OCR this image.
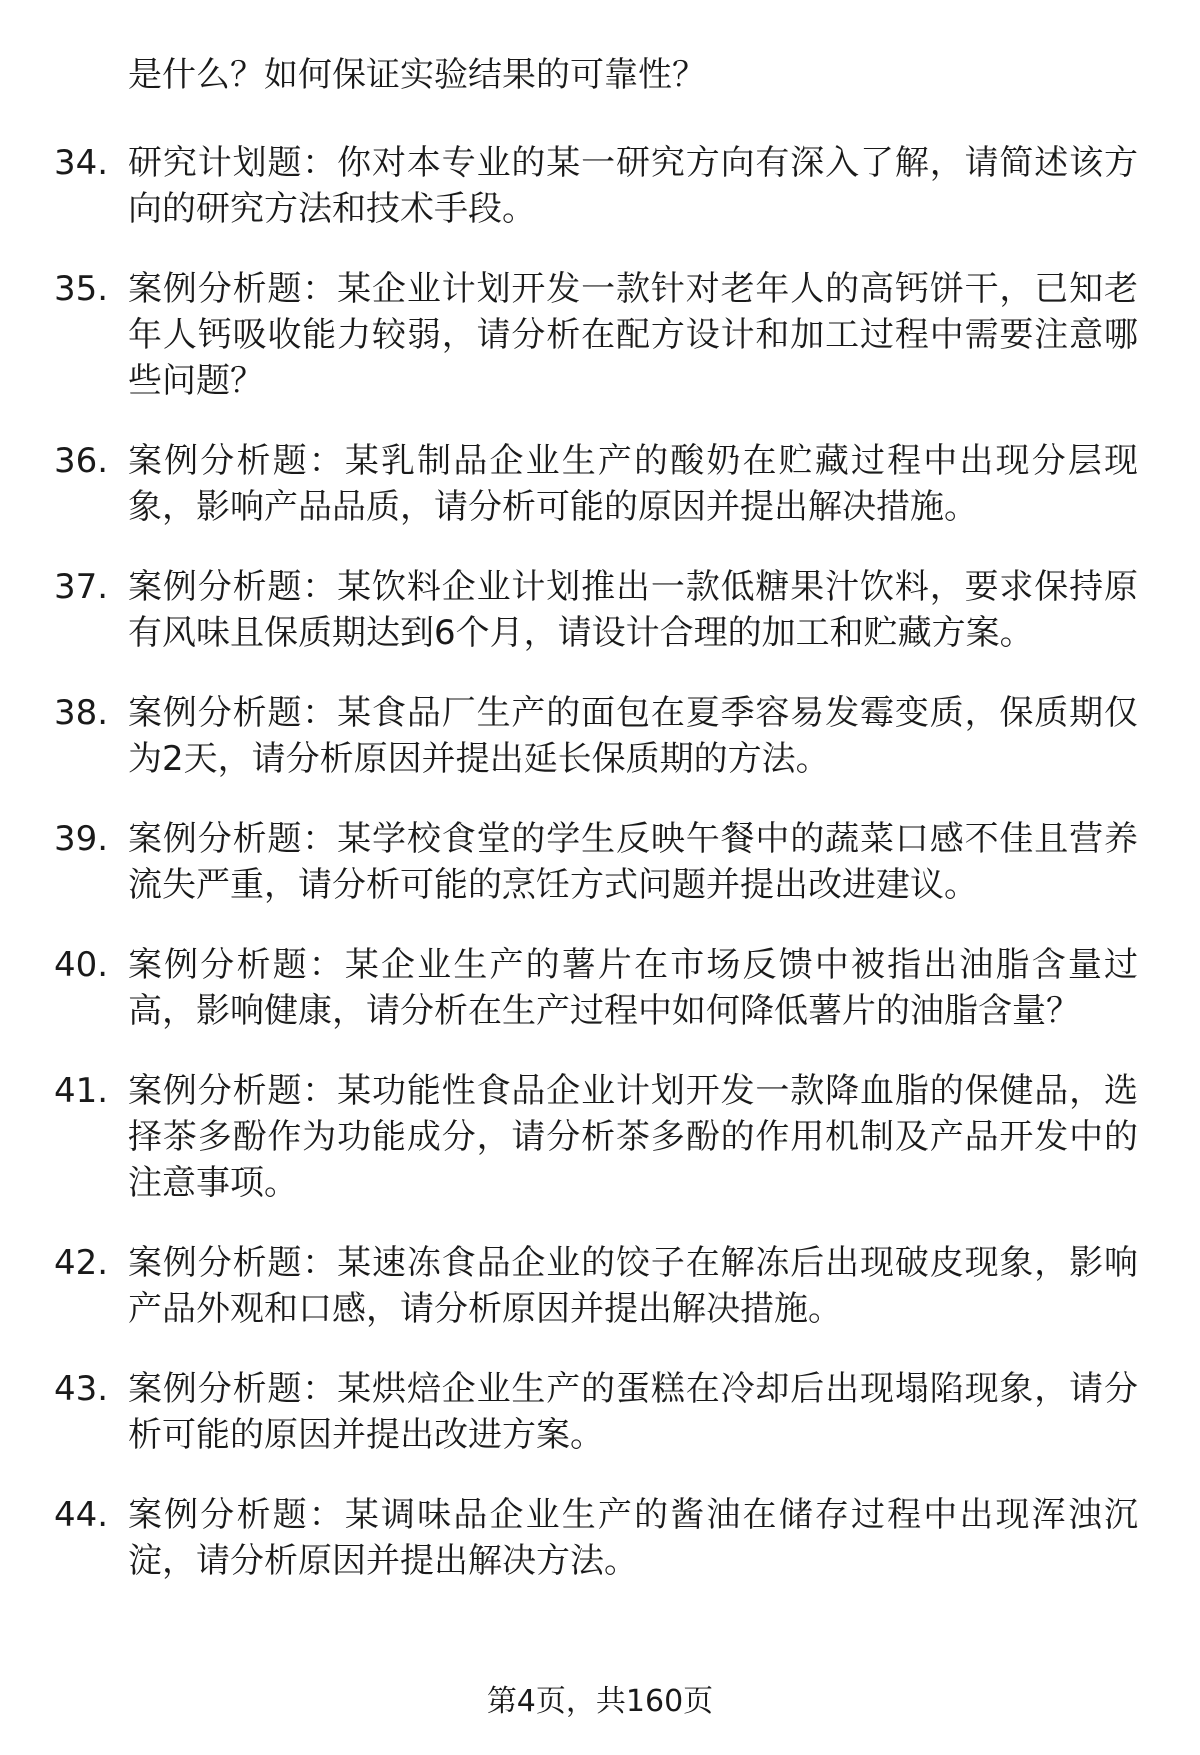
是什么？如何保证实验结果的可靠性？
34. 研究计划题：你对本专业的某一研究方向有深入了解，请简述该方向的研究方法和技术手段。
35. 案例分析题：某企业计划开发一款针对老年人的高钙饼干，已知老年人钙吸收能力较弱，请分析在配方设计和加工过程中需要注意哪些问题？
36. 案例分析题：某乳制品企业生产的酸奶在贮藏过程中出现分层现象，影响产品品质，请分析可能的原因并提出解决措施。
37. 案例分析题：某饮料企业计划推出一款低糖果汁饮料，要求保持原有风味且保质期达到6个月，请设计合理的加工和贮藏方案。
38. 案例分析题：某食品厂生产的面包在夏季容易发霉变质，保质期仅为2天，请分析原因并提出延长保质期的方法。
39. 案例分析题：某学校食堂的学生反映午餐中的蔬菜口感不佳且营养流失严重，请分析可能的烹饪方式问题并提出改进建议。
40. 案例分析题：某企业生产的薯片在市场反馈中被指出油脂含量过高，影响健康，请分析在生产过程中如何降低薯片的油脂含量？
41. 案例分析题：某功能性食品企业计划开发一款降血脂的保健品，选择茶多酚作为功能成分，请分析茶多酚的作用机制及产品开发中的注意事项。
42. 案例分析题：某速冻食品企业的饺子在解冻后出现破皮现象，影响产品外观和口感，请分析原因并提出解决措施。
43. 案例分析题：某烘焙企业生产的蛋糕在冷却后出现塌陷现象，请分析可能的原因并提出改进方案。
44. 案例分析题：某调味品企业生产的酱油在储存过程中出现浑浊沉淀，请分析原因并提出解决方法。
第4页，共160页
